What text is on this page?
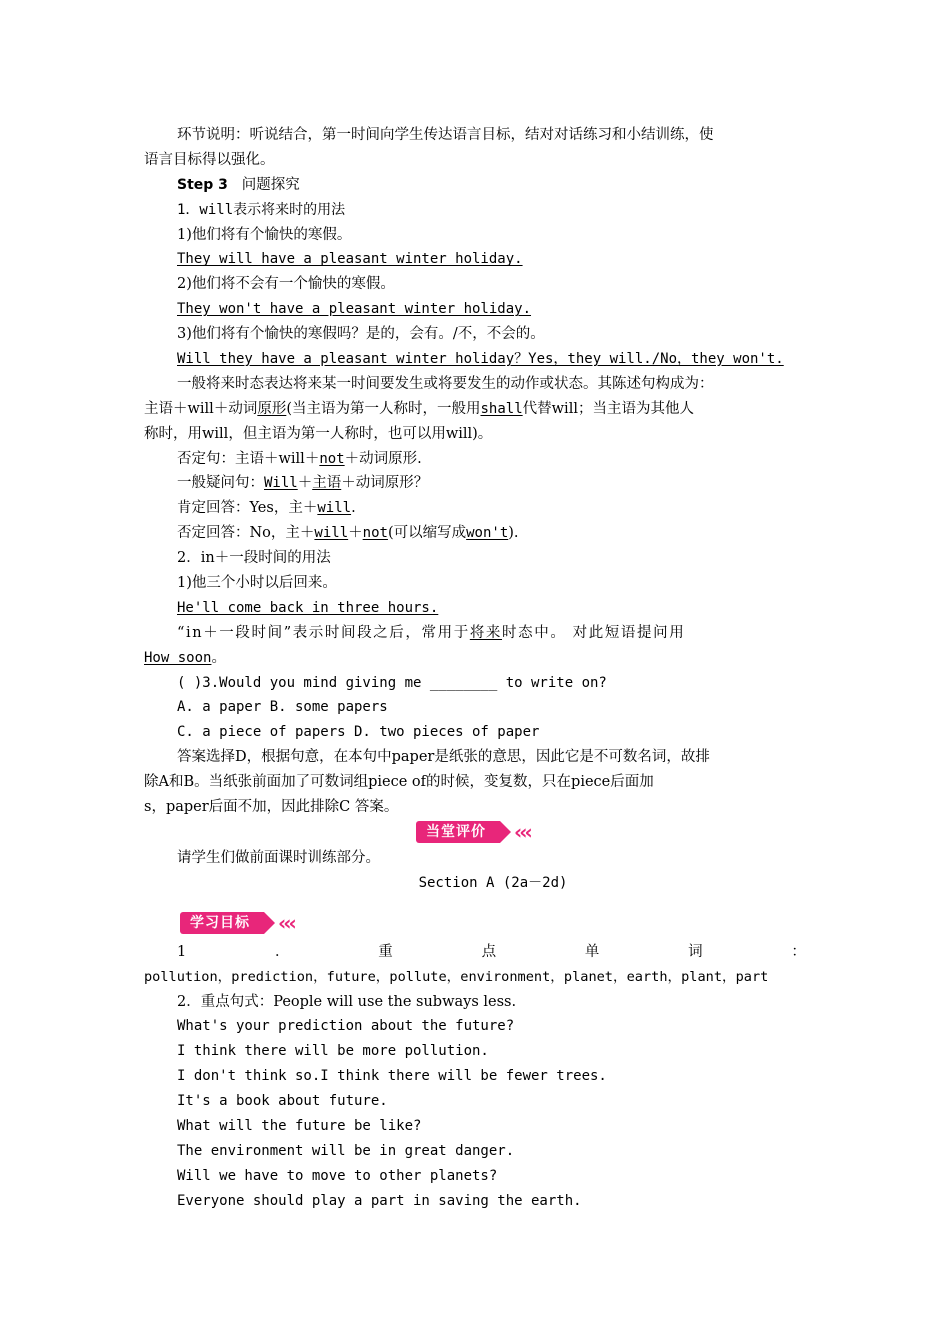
环节说明：听说结合，第一时间向学生传达语言目标，结对对话练习和小结训练，使
语言目标得以强化。
Step 3 问题探究
1．will表示将来时的用法
1)他们将有个愉快的寒假。
They will have a pleasant winter holiday.
2)他们将不会有一个愉快的寒假。
They won't have a pleasant winter holiday.
3)他们将有个愉快的寒假吗？是的，会有。/不，不会的。
Will they have a pleasant winter holiday？Yes，they will./No，they won't.
一般将来时态表达将来某一时间要发生或将要发生的动作或状态。其陈述句构成为：
主语＋will＋动词原形(当主语为第一人称时，一般用shall代替will；当主语为其他人
称时，用will，但主语为第一人称时，也可以用will)。
否定句：主语＋will＋not＋动词原形.
一般疑问句：Will＋主语＋动词原形？
肯定回答：Yes，主＋will.
否定回答：No，主＋will＋not(可以缩写成won't).
2．in＋一段时间的用法
1)他三个小时以后回来。
He'll come back in three hours.
“in＋一段时间”表示时间段之后，常用于将来时态中。 对此短语提问用
How soon。
( )3.Would you mind giving me ________ to write on?
A. a paper B. some papers
C. a piece of papers D. two pieces of paper
答案选择D，根据句意，在本句中paper是纸张的意思，因此它是不可数名词，故排
除A和B。当纸张前面加了可数词组piece of的时候，变复数，只在piece后面加
s，paper后面不加，因此排除C 答案。
当堂评价	‹‹‹
请学生们做前面课时训练部分。
Section A (2a－2d)
学习目标	‹‹‹
1	．	重	点	单	词	：
pollution，prediction，future，pollute，environment，planet，earth，plant，part
2．重点句式：People will use the subways less.
What's your prediction about the future?
I think there will be more pollution.
I don't think so.I think there will be fewer trees.
It's a book about future.
What will the future be like?
The environment will be in great danger.
Will we have to move to other planets?
Everyone should play a part in saving the earth.
